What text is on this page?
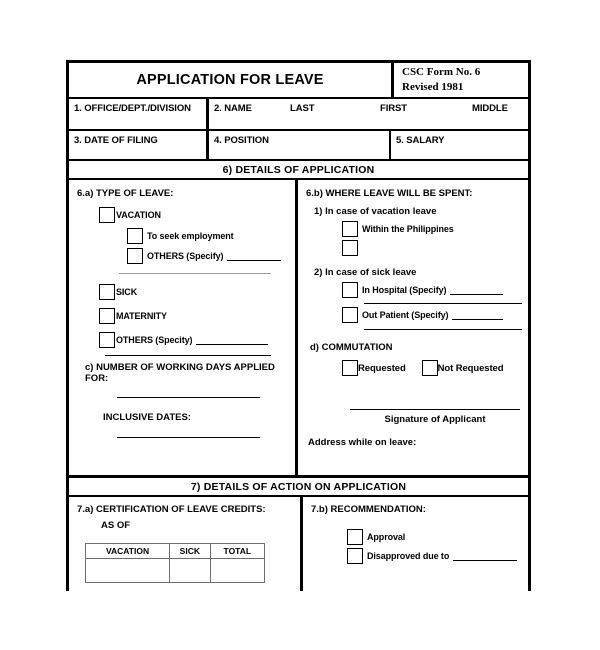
APPLICATION FOR LEAVE	CSC Form No. 6
Revised 1981
1. OFFICE/DEPT./DIVISION 2. NAME	LAST	FIRST	MIDDLE
3. DATE OF FILING	4. POSITION	5. SALARY
6) DETAILS OF APPLICATION
6.a) TYPE OF LEAVE:
VACATION
To seek employment
OTHERS (Specify)
SICK
MATERNITY
OTHERS (Specity)
c) NUMBER OF WORKING DAYS APPLIED FOR:
INCLUSIVE DATES:
6.b) WHERE LEAVE WILL BE SPENT:
1) In case of vacation leave
Within the Philippines
2) In case of sick leave
In Hospital (Specify)
Out Patient (Specify)
d) COMMUTATION
Requested	Not Requested
Signature of Applicant
Address while on leave:
7) DETAILS OF ACTION ON APPLICATION
7.a) CERTIFICATION OF LEAVE CREDITS:
AS OF
VACATION	SICK	TOTAL

7.b) RECOMMENDATION:
Approval
Disapproved due to
